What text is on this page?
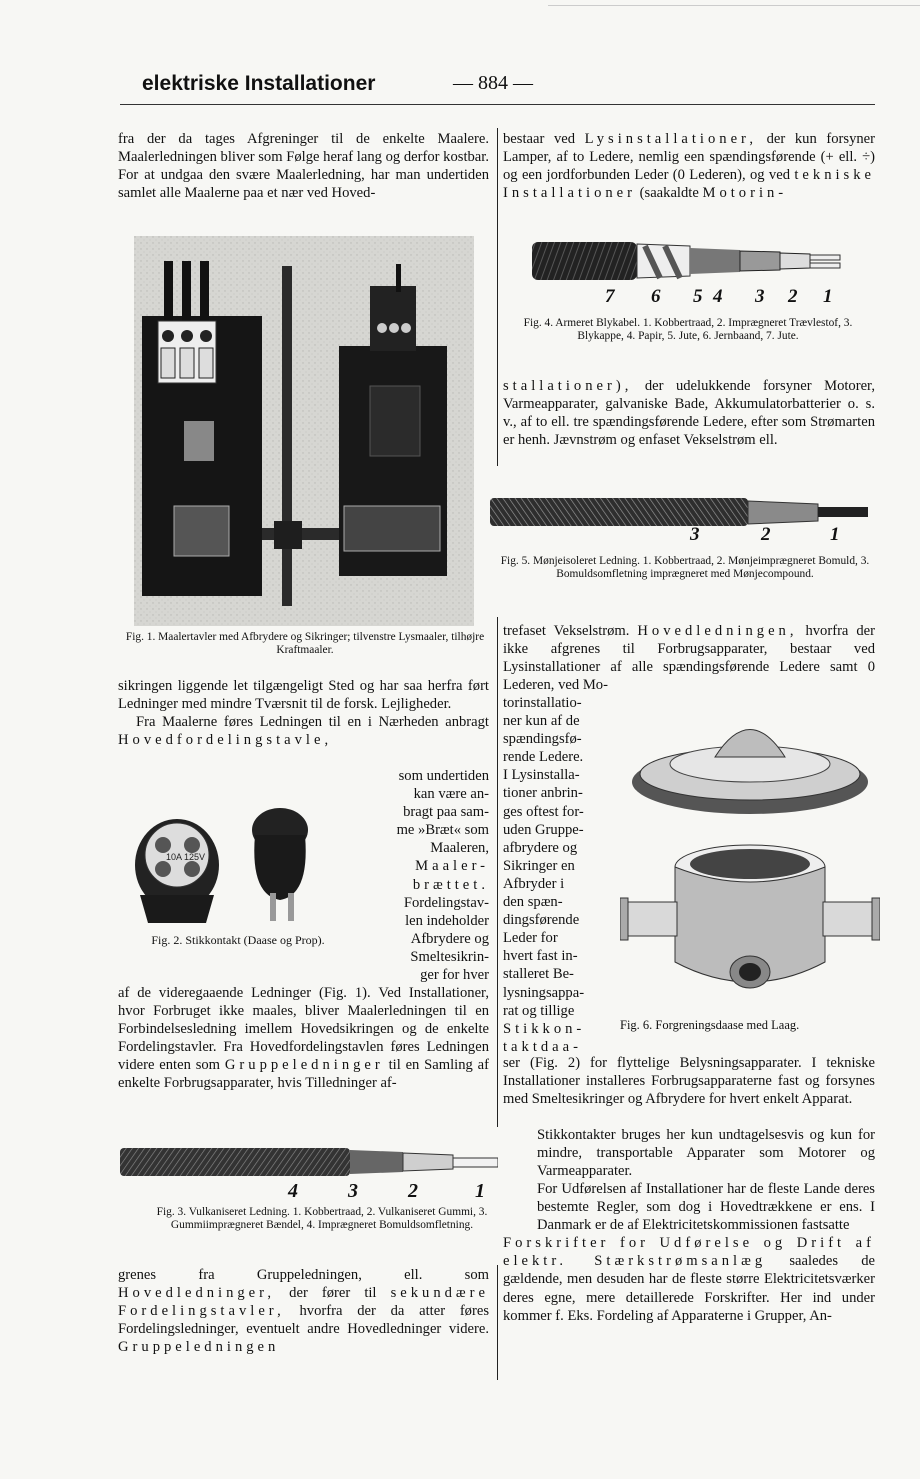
elektriske Installationer	— 884 —

fra der da tages Afgreninger til de enkelte Maalere. Maalerledningen bliver som Følge heraf lang og derfor kostbar. For at undgaa den svære Maalerledning, har man undertiden samlet alle Maalerne paa et nær ved Hoved-

Fig. 1. Maalertavler med Afbrydere og Sikringer; tilvenstre Lysmaaler, tilhøjre Kraftmaaler.

sikringen liggende let tilgængeligt Sted og har saa herfra ført Ledninger med mindre Tværsnit til de forsk. Lejligheder.

Fra Maalerne føres Ledningen til en i Nærheden anbragt Hovedfordelingstavle,

10A 125V
Fig. 2. Stikkontakt (Daase og Prop).
som undertiden
kan være an-
bragt paa sam-
me »Bræt« som
Maaleren,
Maaler-
brættet.
Fordelingstav-
len indeholder
Afbrydere og
Smeltesikrin-
ger for hver

af de videregaaende Ledninger (Fig. 1). Ved Installationer, hvor Forbruget ikke maales, bliver Maalerledningen til en Forbindelsesledning imellem Hovedsikringen og de enkelte Fordelingstavler. Fra Hovedfordelingstavlen føres Ledningen videre enten som Gruppeledninger til en Samling af enkelte Forbrugsapparater, hvis Tilledninger af-

4	3	2	1
Fig. 3. Vulkaniseret Ledning. 1. Kobbertraad, 2. Vulkaniseret Gummi, 3. Gummiimprægneret Bændel, 4. Imprægneret Bomuldsomfletning.

grenes fra Gruppeledningen, ell. som Hovedledninger, der fører til sekundære Fordelingstavler, hvorfra der da atter føres Fordelingsledninger, eventuelt andre Hovedledninger videre. Gruppeledningen

bestaar ved Lysinstallationer, der kun forsyner Lamper, af to Ledere, nemlig een spændingsførende (+ ell. ÷) og een jordforbunden Leder (0 Lederen), og ved tekniske Installationer (saakaldte Motorin-

7 6 5 4 3 2 1
Fig. 4. Armeret Blykabel. 1. Kobbertraad, 2. Imprægneret Trævlestof, 3. Blykappe, 4. Papir, 5. Jute, 6. Jernbaand, 7. Jute.

stallationer), der udelukkende forsyner Motorer, Varmeapparater, galvaniske Bade, Akkumulatorbatterier o. s. v., af to ell. tre spændingsførende Ledere, efter som Strømarten er henh. Jævnstrøm og enfaset Vekselstrøm ell.

3	2	1
Fig. 5. Mønjeisoleret Ledning. 1. Kobbertraad, 2. Mønjeimprægneret Bomuld, 3. Bomuldsomfletning imprægneret med Mønjecompound.

trefaset Vekselstrøm. Hovedledningen, hvorfra der ikke afgrenes til Forbrugsapparater, bestaar ved Lysinstallationer af alle spændingsførende Ledere samt 0 Lederen, ved Mo-

torinstallatio-
ner kun af de
spændingsfø-
rende Ledere.
I Lysinstalla-
tioner anbrin-
ges oftest for-
uden Gruppe-
afbrydere og
Sikringer en
Afbryder i
den spæn-
dingsførende
Leder for
hvert fast in-
stalleret Be-
lysningsappa-
rat og tillige
Stikkon-
taktdaa-
Fig. 6. Forgreningsdaase med Laag.

ser (Fig. 2) for flyttelige Belysningsapparater. I tekniske Installationer installeres Forbrugsapparaterne fast og forsynes med Smeltesikringer og Afbrydere for hvert enkelt Apparat.

Stikkontakter bruges her kun undtagelsesvis og kun for mindre, transportable Apparater som Motorer og Varmeapparater.

For Udførelsen af Installationer har de fleste Lande deres bestemte Regler, som dog i Hovedtrækkene er ens. I Danmark er de af Elektricitetskommissionen fastsatte

Forskrifter for Udførelse og Drift af elektr. Stærkstrømsanlæg saaledes de gældende, men desuden har de fleste større Elektricitetsværker deres egne, mere detaillerede Forskrifter. Her ind under kommer f. Eks. Fordeling af Apparaterne i Grupper, An-
